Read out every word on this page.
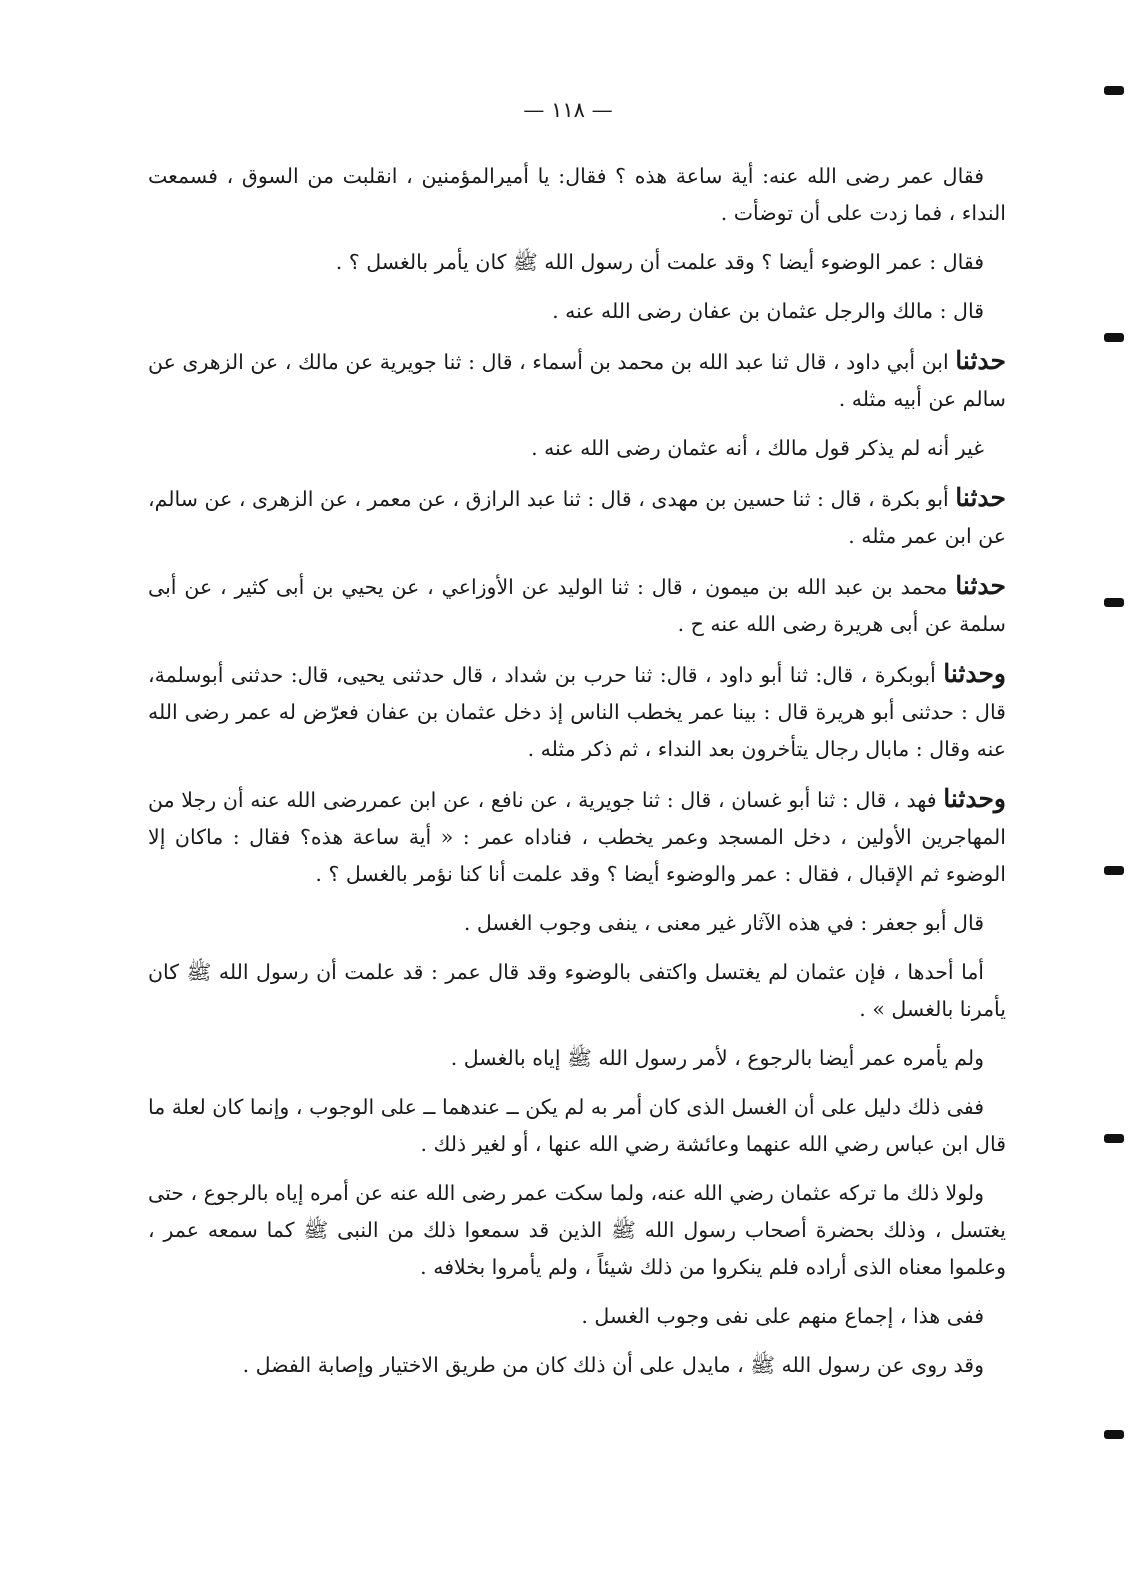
— ١١٨ —

فقال عمر رضى الله عنه: أية ساعة هذه ؟ فقال: يا أميرالمؤمنين ، انقلبت من السوق ، فسمعت النداء ، فما زدت على أن توضأت .

فقال : عمر الوضوء أيضا ؟ وقد علمت أن رسول الله ﷺ كان يأمر بالغسل ؟ .

قال : مالك والرجل عثمان بن عفان رضى الله عنه .

حدثنا ابن أبي داود ، قال ثنا عبد الله بن محمد بن أسماء ، قال : ثنا جويرية عن مالك ، عن الزهرى عن سالم عن أبيه مثله .

غير أنه لم يذكر قول مالك ، أنه عثمان رضى الله عنه .

حدثنا أبو بكرة ، قال : ثنا حسين بن مهدى ، قال : ثنا عبد الرازق ، عن معمر ، عن الزهرى ، عن سالم، عن ابن عمر مثله .

حدثنا محمد بن عبد الله بن ميمون ، قال : ثنا الوليد عن الأوزاعي ، عن يحيي بن أبى كثير ، عن أبى سلمة عن أبى هريرة رضى الله عنه ح .

وحدثنا أبوبكرة ، قال: ثنا أبو داود ، قال: ثنا حرب بن شداد ، قال حدثنى يحيى، قال: حدثنى أبوسلمة، قال : حدثنى أبو هريرة قال : بينا عمر يخطب الناس إذ دخل عثمان بن عفان فعرّض له عمر رضى الله عنه وقال : مابال رجال يتأخرون بعد النداء ، ثم ذكر مثله .

وحدثنا فهد ، قال : ثنا أبو غسان ، قال : ثنا جويرية ، عن نافع ، عن ابن عمررضى الله عنه أن رجلا من المهاجرين الأولين ، دخل المسجد وعمر يخطب ، فناداه عمر : « أية ساعة هذه؟ فقال : ماكان إلا الوضوء ثم الإقبال ، فقال : عمر والوضوء أيضا ؟ وقد علمت أنا كنا نؤمر بالغسل ؟ .

قال أبو جعفر : في هذه الآثار غير معنى ، ينفى وجوب الغسل .

أما أحدها ، فإن عثمان لم يغتسل واكتفى بالوضوء وقد قال عمر : قد علمت أن رسول الله ﷺ كان يأمرنا بالغسل » .

ولم يأمره عمر أيضا بالرجوع ، لأمر رسول الله ﷺ إياه بالغسل .

ففى ذلك دليل على أن الغسل الذى كان أمر به لم يكن ــ عندهما ــ على الوجوب ، وإنما كان لعلة ما قال ابن عباس رضي الله عنهما وعائشة رضي الله عنها ، أو لغير ذلك .

ولولا ذلك ما تركه عثمان رضي الله عنه، ولما سكت عمر رضى الله عنه عن أمره إياه بالرجوع ، حتى يغتسل ، وذلك بحضرة أصحاب رسول الله ﷺ الذين قد سمعوا ذلك من النبى ﷺ كما سمعه عمر ، وعلموا معناه الذى أراده فلم ينكروا من ذلك شيئاً ، ولم يأمروا بخلافه .

ففى هذا ، إجماع منهم على نفى وجوب الغسل .

وقد روى عن رسول الله ﷺ ، مايدل على أن ذلك كان من طريق الاختيار وإصابة الفضل .
